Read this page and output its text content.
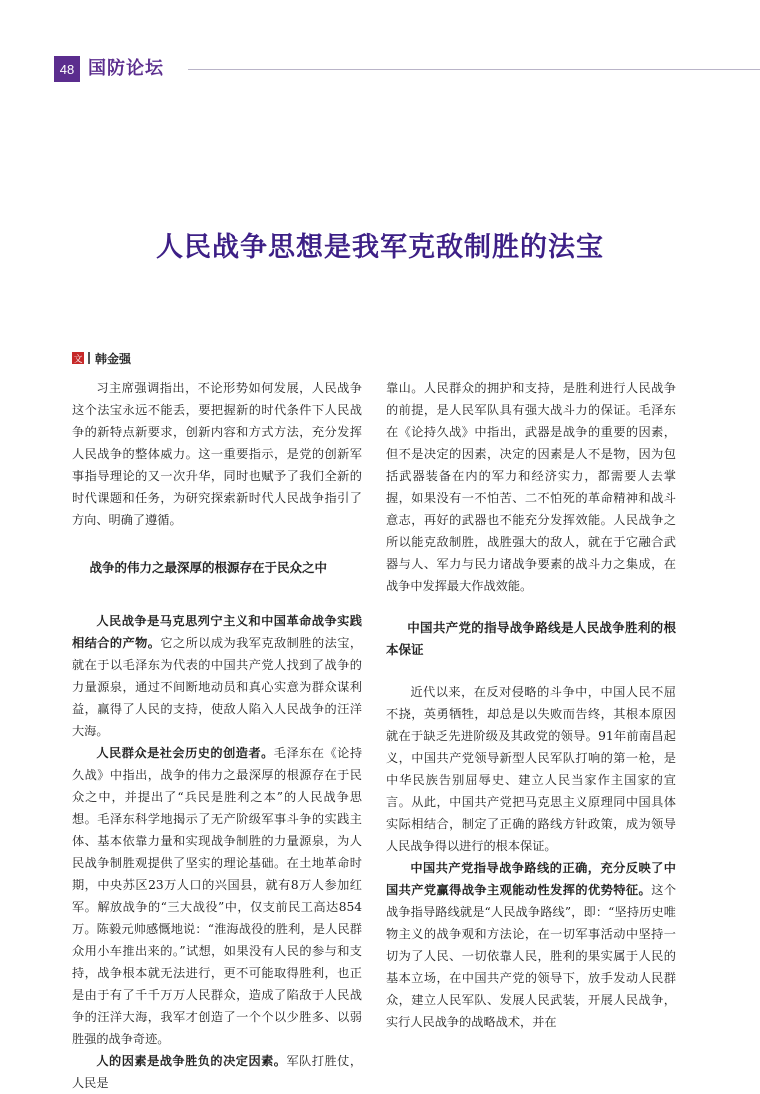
48 国防论坛
人民战争思想是我军克敌制胜的法宝
文 韩金强

习主席强调指出，不论形势如何发展，人民战争这个法宝永远不能丢，要把握新的时代条件下人民战争的新特点新要求，创新内容和方式方法，充分发挥人民战争的整体威力。这一重要指示，是党的创新军事指导理论的又一次升华，同时也赋予了我们全新的时代课题和任务，为研究探索新时代人民战争指引了方向、明确了遵循。

战争的伟力之最深厚的根源存在于民众之中

人民战争是马克思列宁主义和中国革命战争实践相结合的产物。它之所以成为我军克敌制胜的法宝，就在于以毛泽东为代表的中国共产党人找到了战争的力量源泉，通过不间断地动员和真心实意为群众谋利益，赢得了人民的支持，使敌人陷入人民战争的汪洋大海。

人民群众是社会历史的创造者。毛泽东在《论持久战》中指出，战争的伟力之最深厚的根源存在于民众之中，并提出了“兵民是胜利之本”的人民战争思想。毛泽东科学地揭示了无产阶级军事斗争的实践主体、基本依靠力量和实现战争制胜的力量源泉，为人民战争制胜观提供了坚实的理论基础。在土地革命时期，中央苏区23万人口的兴国县，就有8万人参加红军。解放战争的“三大战役”中，仅支前民工高达854万。陈毅元帅感慨地说：“淮海战役的胜利，是人民群众用小车推出来的。”试想，如果没有人民的参与和支持，战争根本就无法进行，更不可能取得胜利，也正是由于有了千千万万人民群众，造成了陷敌于人民战争的汪洋大海，我军才创造了一个个以少胜多、以弱胜强的战争奇迹。

人的因素是战争胜负的决定因素。军队打胜仗，人民是

靠山。人民群众的拥护和支持，是胜利进行人民战争的前提，是人民军队具有强大战斗力的保证。毛泽东在《论持久战》中指出，武器是战争的重要的因素，但不是决定的因素，决定的因素是人不是物，因为包括武器装备在内的军力和经济实力，都需要人去掌握，如果没有一不怕苦、二不怕死的革命精神和战斗意志，再好的武器也不能充分发挥效能。人民战争之所以能克敌制胜，战胜强大的敌人，就在于它融合武器与人、军力与民力诸战争要素的战斗力之集成，在战争中发挥最大作战效能。

中国共产党的指导战争路线是人民战争胜利的根本保证

近代以来，在反对侵略的斗争中，中国人民不屈不挠，英勇牺牲，却总是以失败而告终，其根本原因就在于缺乏先进阶级及其政党的领导。91年前南昌起义，中国共产党领导新型人民军队打响的第一枪，是中华民族告别屈辱史、建立人民当家作主国家的宣言。从此，中国共产党把马克思主义原理同中国具体实际相结合，制定了正确的路线方针政策，成为领导人民战争得以进行的根本保证。

中国共产党指导战争路线的正确，充分反映了中国共产党赢得战争主观能动性发挥的优势特征。这个战争指导路线就是“人民战争路线”，即：“坚持历史唯物主义的战争观和方法论，在一切军事活动中坚持一切为了人民、一切依靠人民，胜利的果实属于人民的基本立场，在中国共产党的领导下，放手发动人民群众，建立人民军队、发展人民武装，开展人民战争，实行人民战争的战略战术，并在
